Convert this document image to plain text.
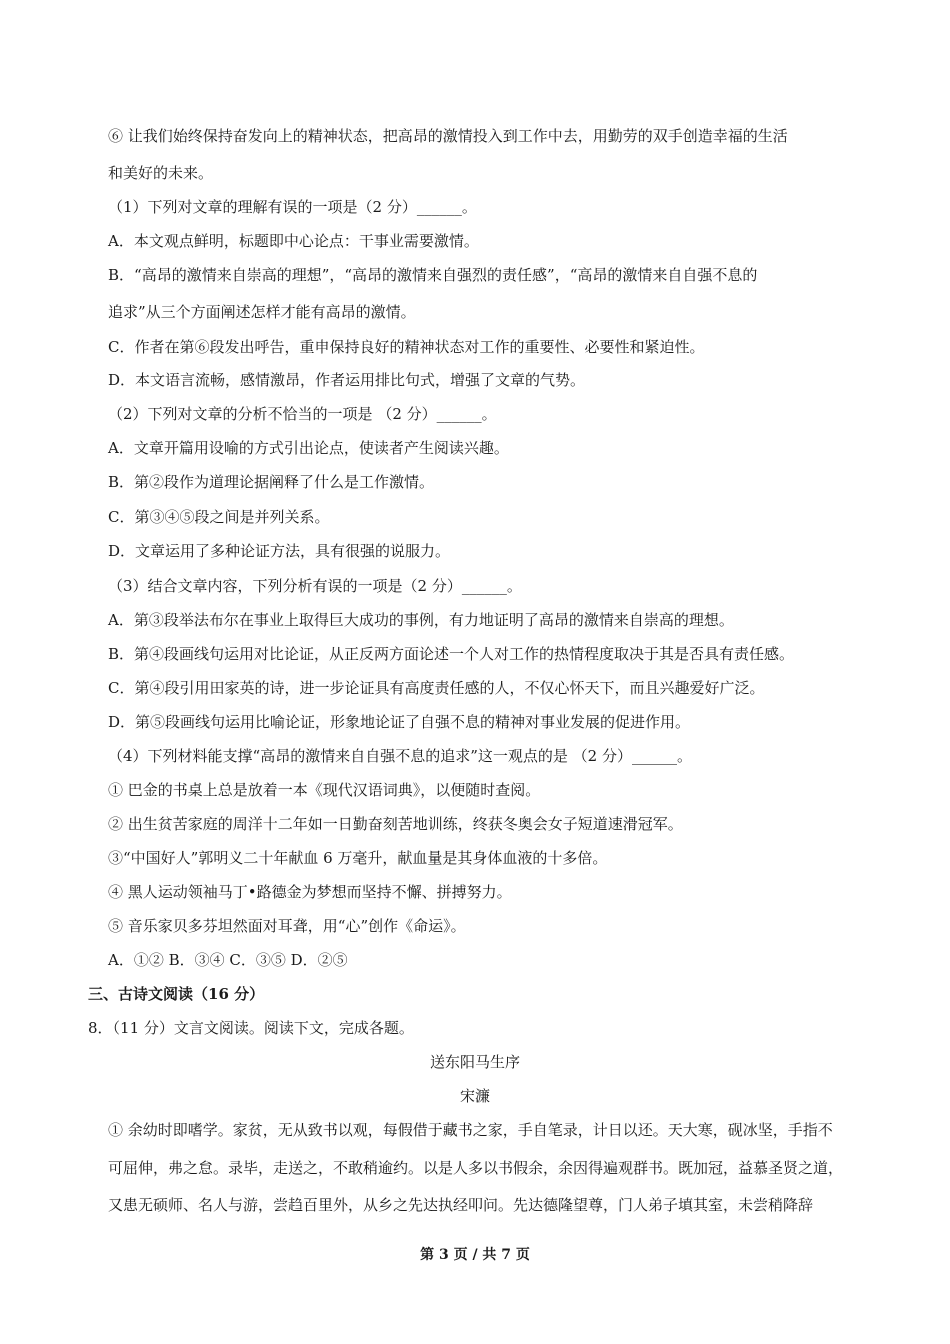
⑥ 让我们始终保持奋发向上的精神状态，把高昂的激情投入到工作中去，用勤劳的双手创造幸福的生活
和美好的未来。
（1）下列对文章的理解有误的一项是（2 分）______。
A．本文观点鲜明，标题即中心论点：干事业需要激情。
B．“高昂的激情来自崇高的理想”，“高昂的激情来自强烈的责任感”，“高昂的激情来自自强不息的
追求”从三个方面阐述怎样才能有高昂的激情。
C．作者在第⑥段发出呼告，重申保持良好的精神状态对工作的重要性、必要性和紧迫性。
D．本文语言流畅，感情激昂，作者运用排比句式，增强了文章的气势。
（2）下列对文章的分析不恰当的一项是 （2 分）______。
A．文章开篇用设喻的方式引出论点，使读者产生阅读兴趣。
B．第②段作为道理论据阐释了什么是工作激情。
C．第③④⑤段之间是并列关系。
D．文章运用了多种论证方法，具有很强的说服力。
（3）结合文章内容，下列分析有误的一项是（2 分）______。
A．第③段举法布尔在事业上取得巨大成功的事例，有力地证明了高昂的激情来自崇高的理想。
B．第④段画线句运用对比论证，从正反两方面论述一个人对工作的热情程度取决于其是否具有责任感。
C．第④段引用田家英的诗，进一步论证具有高度责任感的人，不仅心怀天下，而且兴趣爱好广泛。
D．第⑤段画线句运用比喻论证，形象地论证了自强不息的精神对事业发展的促进作用。
（4）下列材料能支撑“高昂的激情来自自强不息的追求”这一观点的是 （2 分）______。
① 巴金的书桌上总是放着一本《现代汉语词典》，以便随时查阅。
② 出生贫苦家庭的周洋十二年如一日勤奋刻苦地训练，终获冬奥会女子短道速滑冠军。
③“中国好人”郭明义二十年献血 6 万毫升，献血量是其身体血液的十多倍。
④ 黑人运动领袖马丁•路德金为梦想而坚持不懈、拼搏努力。
⑤ 音乐家贝多芬坦然面对耳聋，用“心”创作《命运》。
A．①② B．③④ C．③⑤ D．②⑤
三、古诗文阅读（16 分）
8．（11 分）文言文阅读。阅读下文，完成各题。
送东阳马生序
宋濂
① 余幼时即嗜学。家贫，无从致书以观，每假借于藏书之家，手自笔录，计日以还。天大寒，砚冰坚，手指不
可屈伸，弗之怠。录毕，走送之，不敢稍逾约。以是人多以书假余，余因得遍观群书。既加冠，益慕圣贤之道，
又患无硕师、名人与游，尝趋百里外，从乡之先达执经叩问。先达德隆望尊，门人弟子填其室，未尝稍降辞
第 3 页 / 共 7 页
